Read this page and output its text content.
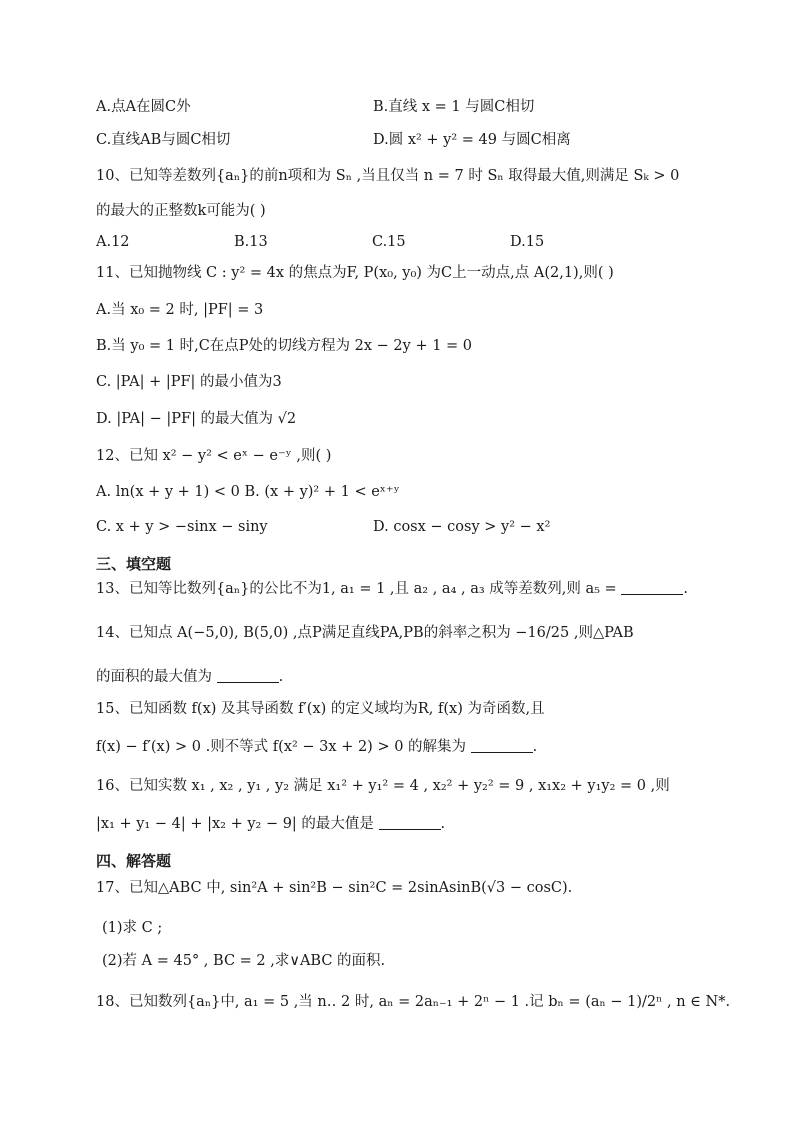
A.点A在圆C外	B.直线 x = 1 与圆C相切
C.直线AB与圆C相切	D.圆 x² + y² = 49 与圆C相离
10、已知等差数列{aₙ}的前n项和为 Sₙ ,当且仅当 n = 7 时 Sₙ 取得最大值,则满足 Sₖ > 0
的最大的正整数k可能为( )
A.12	B.13	C.15	D.15
11、已知抛物线 C : y² = 4x 的焦点为F, P(x₀, y₀) 为C上一动点,点 A(2,1),则( )
A.当 x₀ = 2 时, |PF| = 3
B.当 y₀ = 1 时,C在点P处的切线方程为 2x − 2y + 1 = 0
C. |PA| + |PF| 的最小值为3
D. |PA| − |PF| 的最大值为 √2
12、已知 x² − y² < eˣ − e⁻ʸ ,则( )
A. ln(x + y + 1) < 0 B. (x + y)² + 1 < eˣ⁺ʸ
C. x + y > −sinx − siny	D. cosx − cosy > y² − x²
三、填空题
13、已知等比数列{aₙ}的公比不为1, a₁ = 1 ,且 a₂ , a₄ , a₃ 成等差数列,则 a₅ =	.
14、已知点 A(−5,0), B(5,0) ,点P满足直线PA,PB的斜率之积为 −16/25 ,则△PAB
的面积的最大值为	.
15、已知函数 f(x) 及其导函数 f′(x) 的定义域均为R, f(x) 为奇函数,且
f(x) − f′(x) > 0 .则不等式 f(x² − 3x + 2) > 0 的解集为	.
16、已知实数 x₁ , x₂ , y₁ , y₂ 满足 x₁² + y₁² = 4 , x₂² + y₂² = 9 , x₁x₂ + y₁y₂ = 0 ,则
|x₁ + y₁ − 4| + |x₂ + y₂ − 9| 的最大值是	.
四、解答题
17、已知△ABC 中, sin²A + sin²B − sin²C = 2sinAsinB(√3 − cosC).
(1)求 C ;
(2)若 A = 45° , BC = 2 ,求∨ABC 的面积.
18、已知数列{aₙ}中, a₁ = 5 ,当 n‥ 2 时, aₙ = 2aₙ₋₁ + 2ⁿ − 1 .记 bₙ = (aₙ − 1)/2ⁿ , n ∈ N*.
